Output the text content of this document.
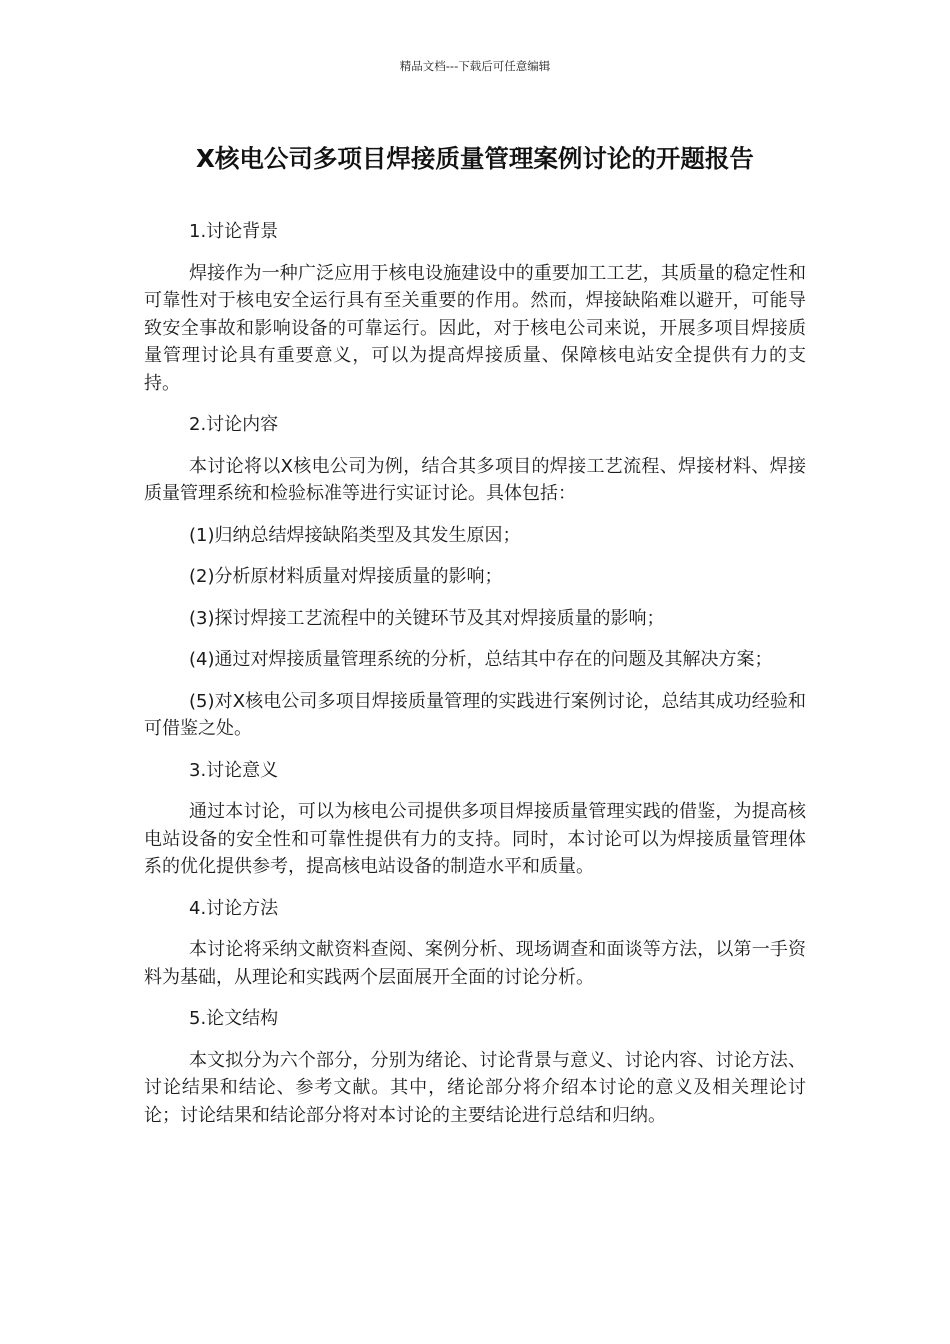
精品文档---下载后可任意编辑
X核电公司多项目焊接质量管理案例讨论的开题报告

1.讨论背景

焊接作为一种广泛应用于核电设施建设中的重要加工工艺，其质量的稳定性和可靠性对于核电安全运行具有至关重要的作用。然而，焊接缺陷难以避开，可能导致安全事故和影响设备的可靠运行。因此，对于核电公司来说，开展多项目焊接质量管理讨论具有重要意义，可以为提高焊接质量、保障核电站安全提供有力的支持。

2.讨论内容

本讨论将以X核电公司为例，结合其多项目的焊接工艺流程、焊接材料、焊接质量管理系统和检验标准等进行实证讨论。具体包括：

(1)归纳总结焊接缺陷类型及其发生原因；

(2)分析原材料质量对焊接质量的影响；

(3)探讨焊接工艺流程中的关键环节及其对焊接质量的影响；

(4)通过对焊接质量管理系统的分析，总结其中存在的问题及其解决方案；

(5)对X核电公司多项目焊接质量管理的实践进行案例讨论，总结其成功经验和可借鉴之处。

3.讨论意义

通过本讨论，可以为核电公司提供多项目焊接质量管理实践的借鉴，为提高核电站设备的安全性和可靠性提供有力的支持。同时，本讨论可以为焊接质量管理体系的优化提供参考，提高核电站设备的制造水平和质量。

4.讨论方法

本讨论将采纳文献资料查阅、案例分析、现场调查和面谈等方法，以第一手资料为基础，从理论和实践两个层面展开全面的讨论分析。

5.论文结构

本文拟分为六个部分，分别为绪论、讨论背景与意义、讨论内容、讨论方法、讨论结果和结论、参考文献。其中，绪论部分将介绍本讨论的意义及相关理论讨论；讨论结果和结论部分将对本讨论的主要结论进行总结和归纳。
